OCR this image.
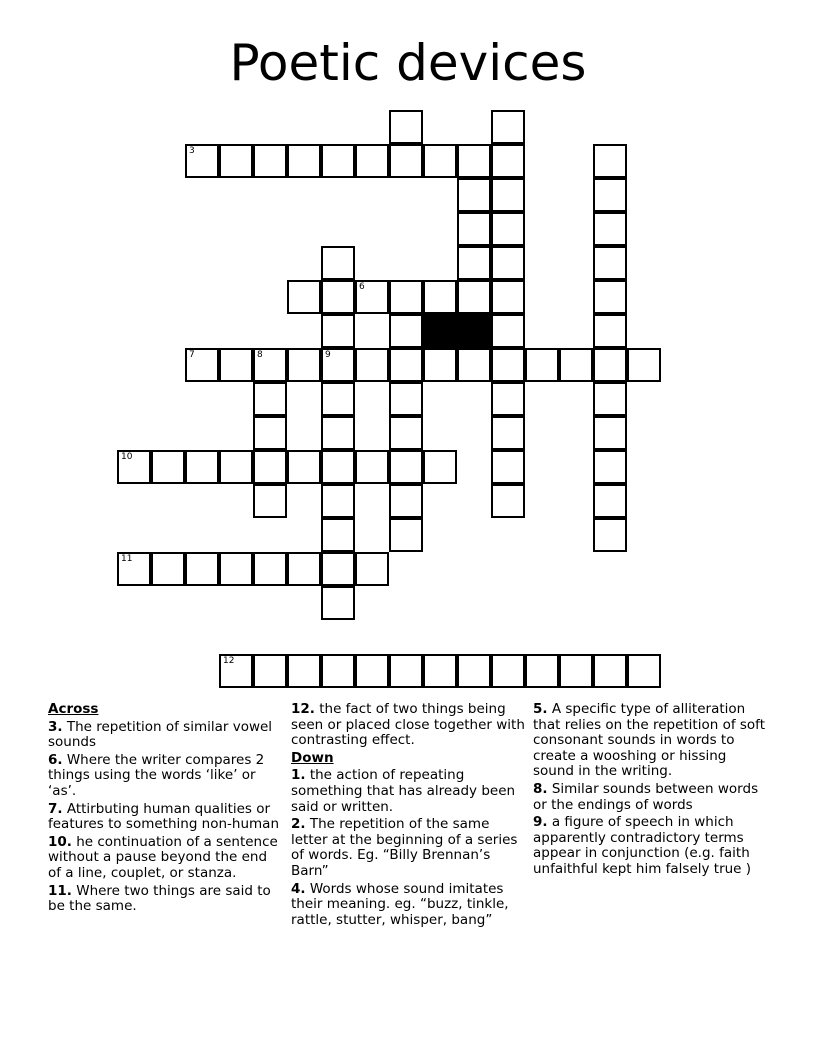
Poetic devices
3
6
7	8	9
10
11
12
Across
3. The repetition of similar vowel sounds
6. Where the writer compares 2 things using the words ‘like’ or ‘as’.
7. Attirbuting human qualities or features to something non-human
10. he continuation of a sentence without a pause beyond the end of a line, couplet, or stanza.
11. Where two things are said to be the same.
12. the fact of two things being seen or placed close together with contrasting effect.
Down
1. the action of repeating something that has already been said or written.
2. The repetition of the same letter at the beginning of a series of words. Eg. “Billy Brennan’s Barn”
4. Words whose sound imitates their meaning. eg. “buzz, tinkle, rattle, stutter, whisper, bang”
5. A specific type of alliteration that relies on the repetition of soft consonant sounds in words to create a wooshing or hissing sound in the writing.
8. Similar sounds between words or the endings of words
9. a figure of speech in which apparently contradictory terms appear in conjunction (e.g. faith unfaithful kept him falsely true )
